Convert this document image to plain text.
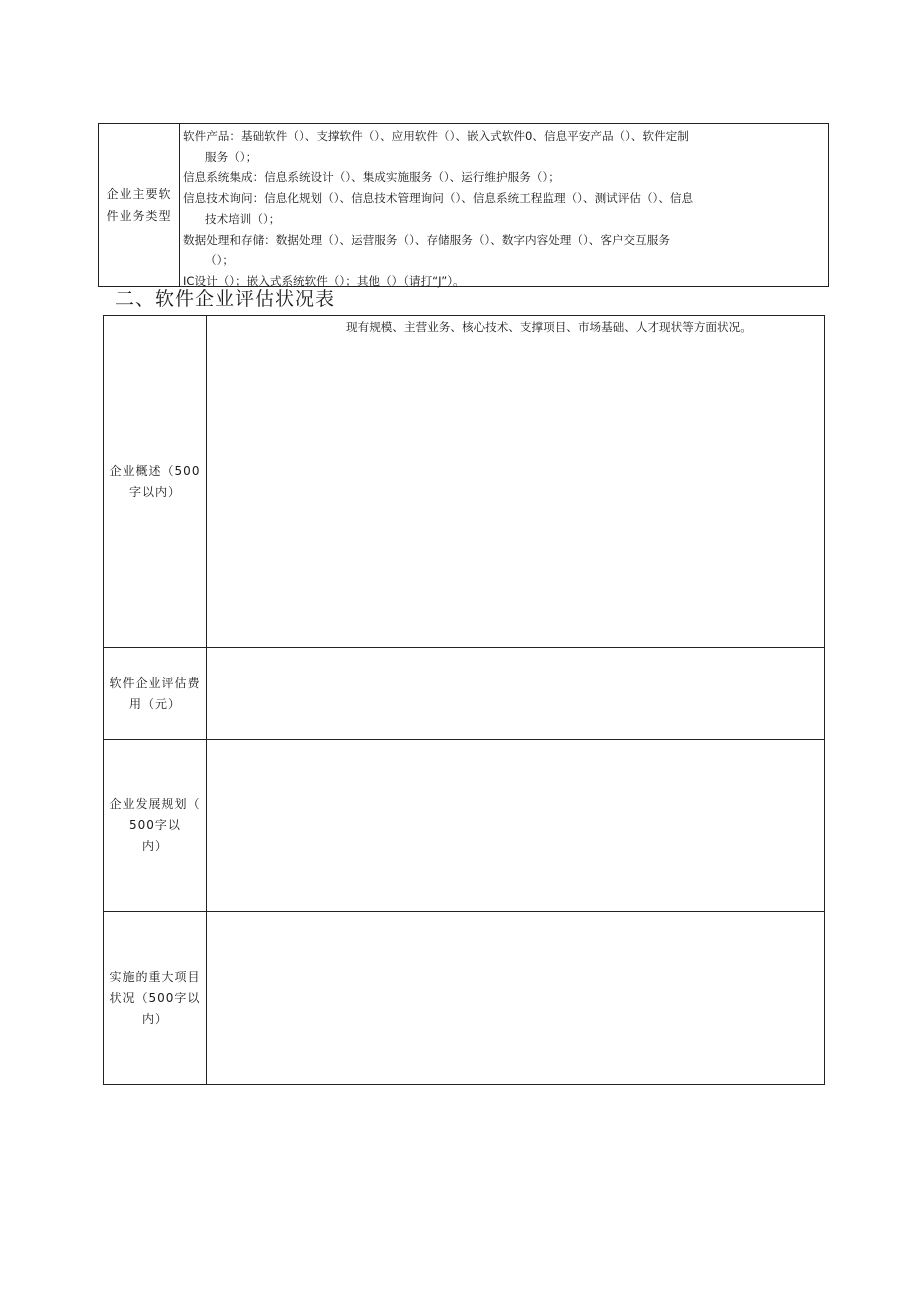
企业主要软
件业务类型
软件产品：基础软件（）、支撑软件（）、应用软件（）、嵌入式软件0、信息平安产品（）、软件定制
服务（）；
信息系统集成：信息系统设计（）、集成实施服务（）、运行维护服务（）；
信息技术询问：信息化规划（）、信息技术管理询问（）、信息系统工程监理（）、测试评估（）、信息
技术培训（）；
数据处理和存储：数据处理（）、运营服务（）、存储服务（）、数字内容处理（）、客户交互服务
（）；
IC设计（）；嵌入式系统软件（）；其他（）（请打“J”）。
二、软件企业评估状况表
企业概述（500
字以内）
现有规模、主营业务、核心技术、支撑项目、市场基础、人才现状等方面状况。
软件企业评估费
用（元）
企业发展规划（
500字以
内）
实施的重大项目
状况（500字以
内）
